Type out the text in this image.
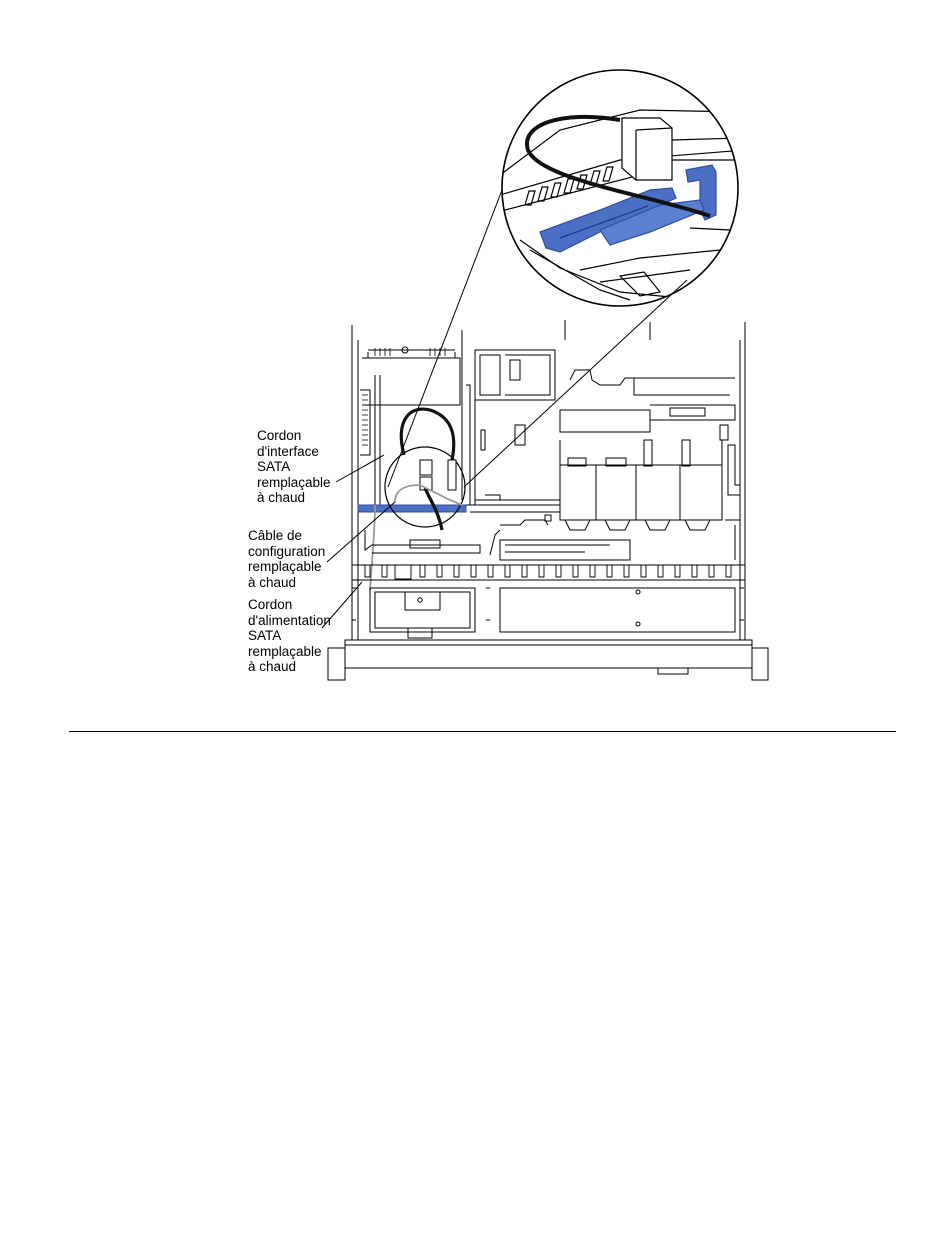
Cordon
d'interface
SATA
remplaçable
à chaud

Câble de
configuration
remplaçable
à chaud

Cordon
d'alimentation
SATA
remplaçable
à chaud
